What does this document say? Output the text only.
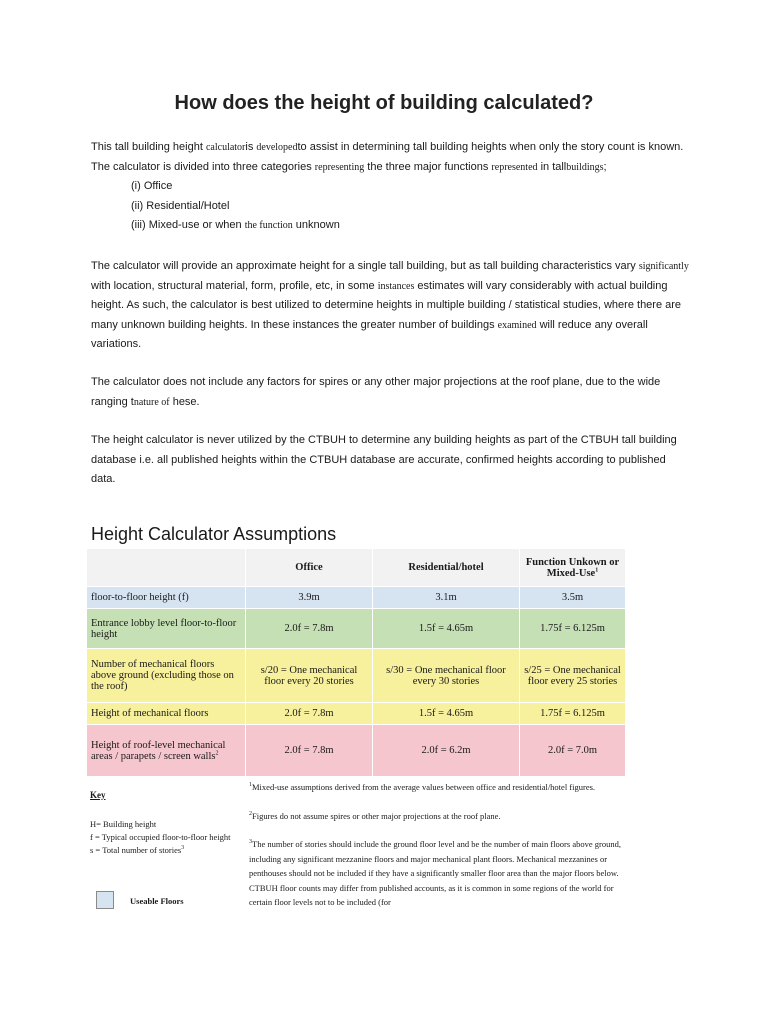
How does the height of building calculated?

This tall building height calculatoris developedto assist in determining tall building heights when only the story count is known. The calculator is divided into three categories representing the three major functions represented in tallbuildings;

(i) Office
(ii) Residential/Hotel
(iii) Mixed-use or when the function unknown

The calculator will provide an approximate height for a single tall building, but as tall building characteristics vary significantly with location, structural material, form, profile, etc, in some instances estimates will vary considerably with actual building height. As such, the calculator is best utilized to determine heights in multiple building / statistical studies, where there are many unknown building heights. In these instances the greater number of buildings examined will reduce any overall variations.

The calculator does not include any factors for spires or any other major projections at the roof plane, due to the wide ranging tnature of hese.

The height calculator is never utilized by the CTBUH to determine any building heights as part of the CTBUH tall building database i.e. all published heights within the CTBUH database are accurate, confirmed heights according to published data.

Height Calculator Assumptions
	Office	Residential/hotel	Function Unkown or Mixed-Use$^1$
floor-to-floor height (f)	3.9m	3.1m	3.5m
Entrance lobby level floor-to-floor height	2.0f = 7.8m	1.5f = 4.65m	1.75f = 6.125m
Number of mechanical floors above ground (excluding those on the roof)	s/20 = One mechanical floor every 20 stories	s/30 = One mechanical floor every 30 stories	s/25 = One mechanical floor every 25 stories
Height of mechanical floors	2.0f = 7.8m	1.5f = 4.65m	1.75f = 6.125m
Height of roof-level mechanical areas / parapets / screen walls$^2$	2.0f = 7.8m	2.0f = 6.2m	2.0f = 7.0m
Key
H= Building height
f = Typical occupied floor-to-floor height
s = Total number of stories$^3$
Useable Floors

$^1$Mixed-use assumptions derived from the average values between office and residential/hotel figures.

$^2$Figures do not assume spires or other major projections at the roof plane.

$^3$The number of stories should include the ground floor level and be the number of main floors above ground, including any significant mezzanine floors and major mechanical plant floors. Mechanical mezzanines or penthouses should not be included if they have a significantly smaller floor area than the major floors below. CTBUH floor counts may differ from published accounts, as it is common in some regions of the world for certain floor levels not to be included (for
